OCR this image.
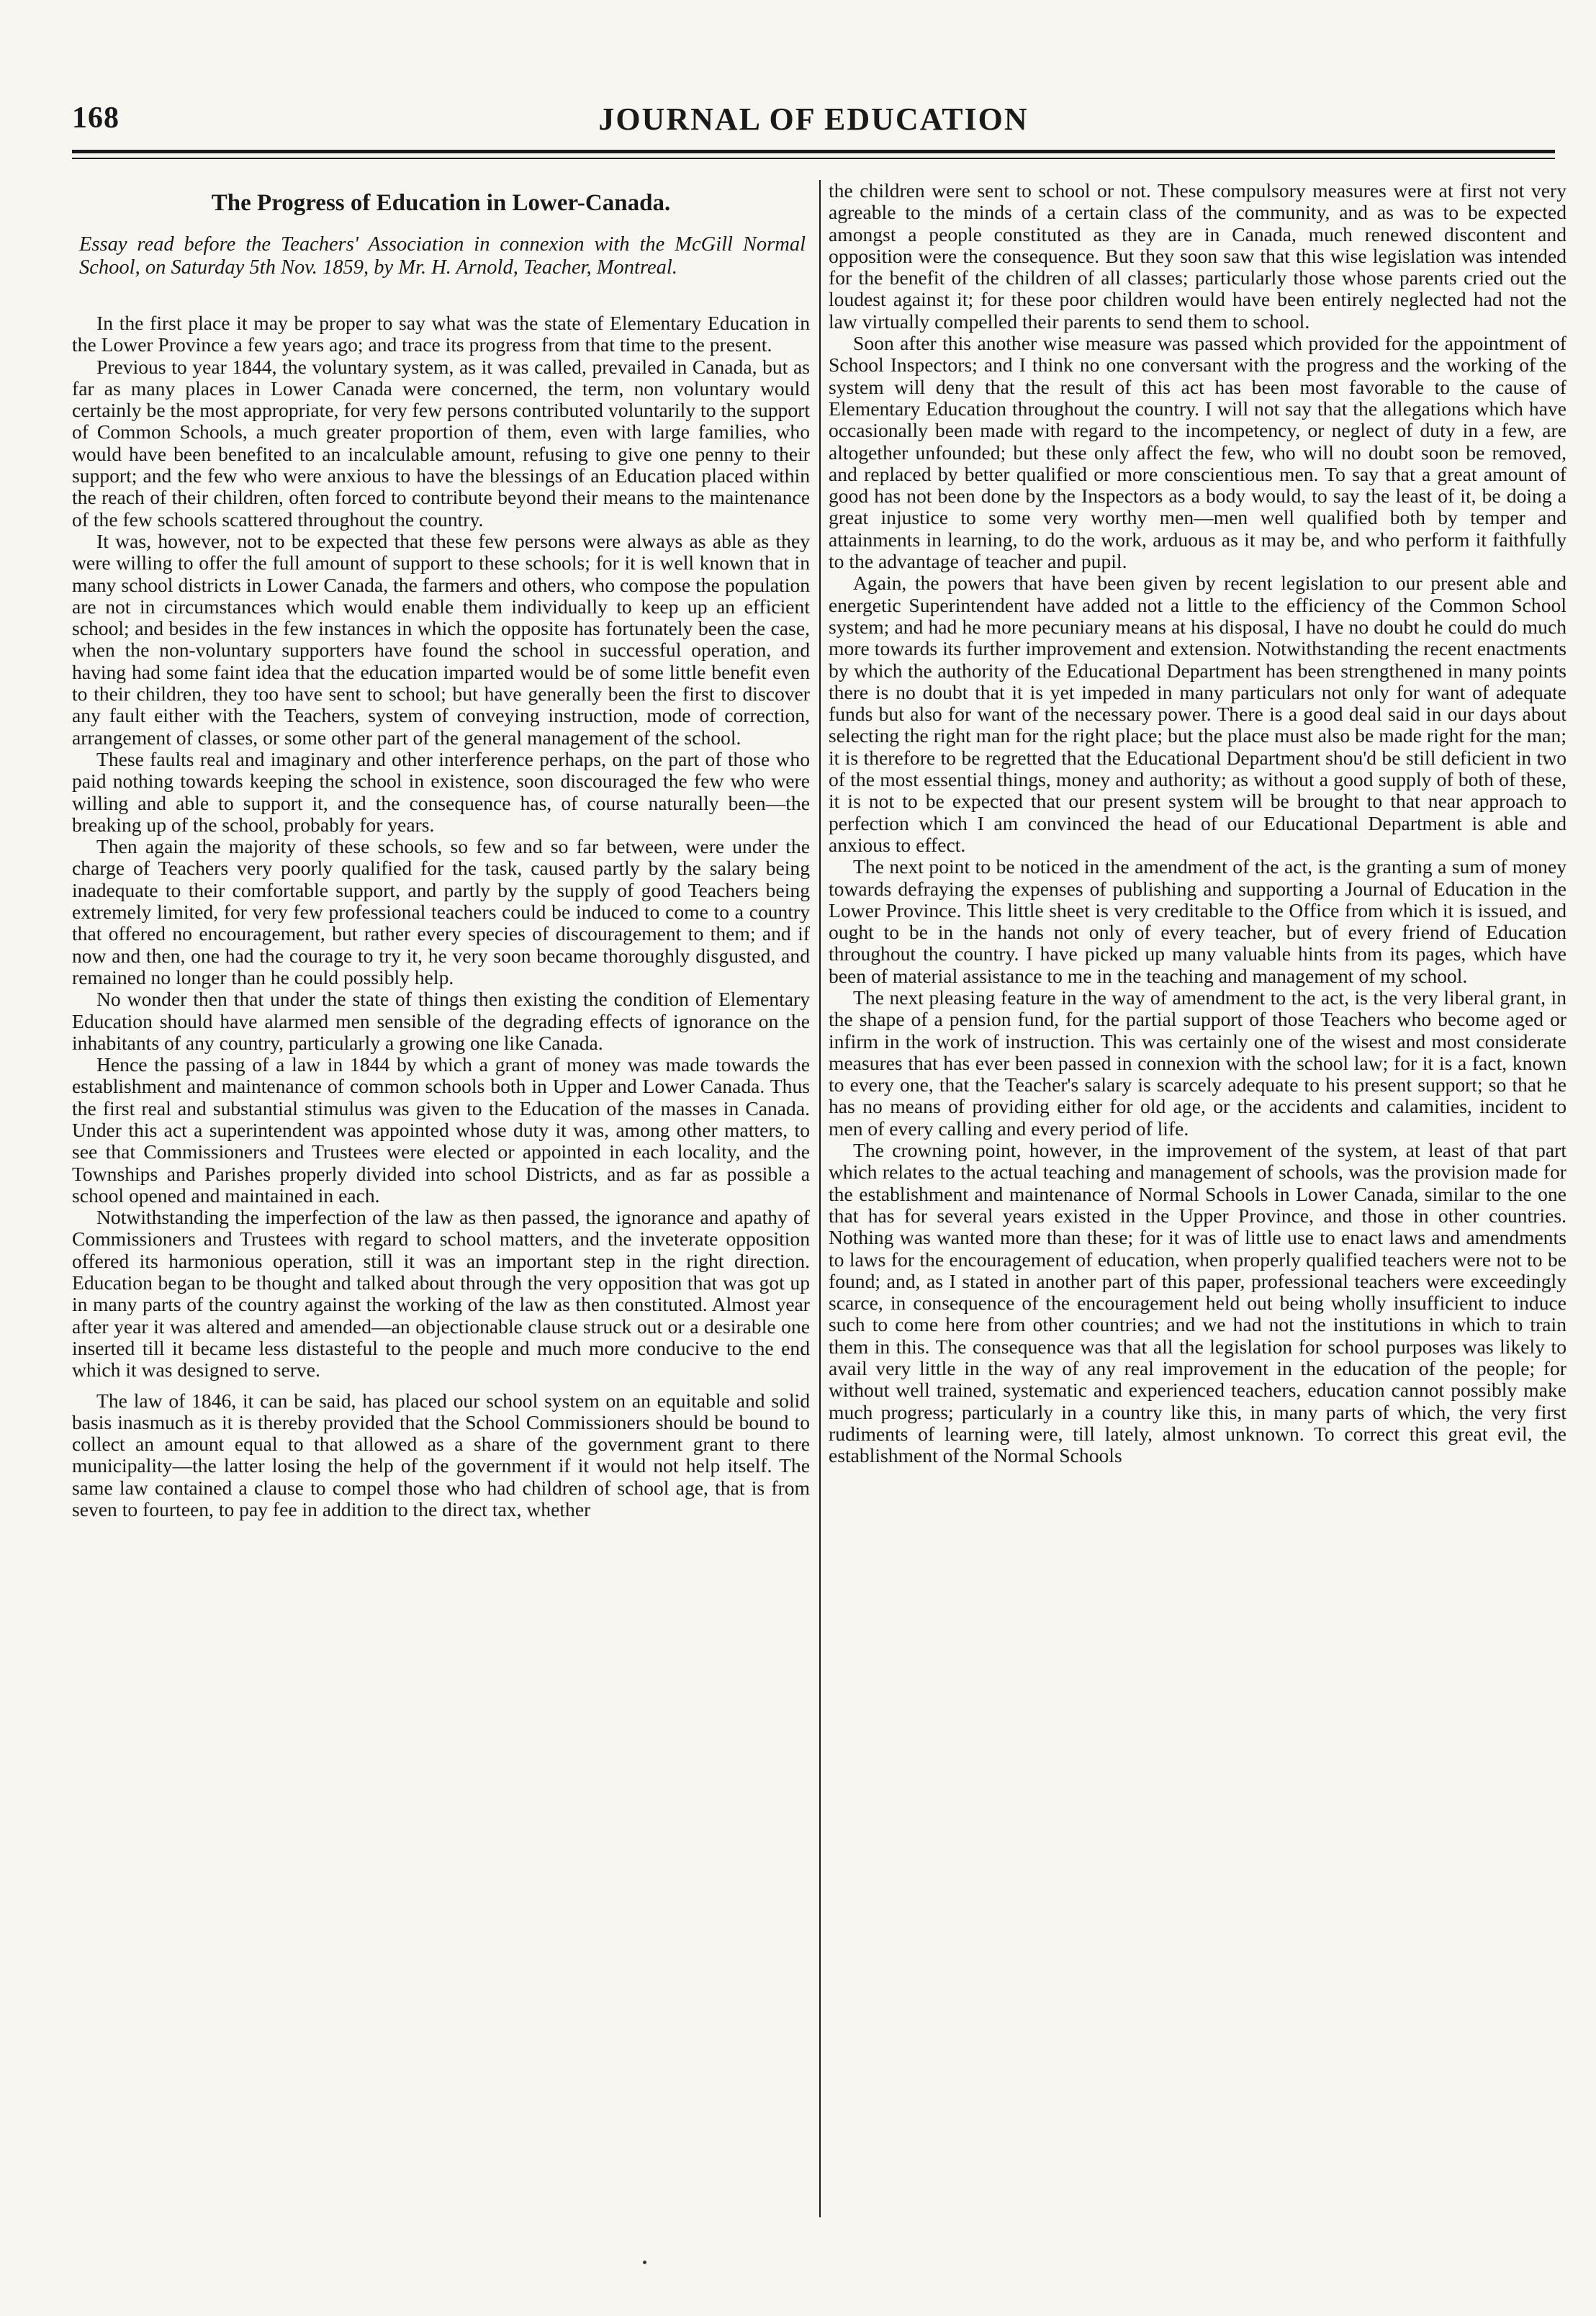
168	JOURNAL OF EDUCATION
The Progress of Education in Lower-Canada.
Essay read before the Teachers' Association in connexion with the McGill Normal School, on Saturday 5th Nov. 1859, by Mr. H. Arnold, Teacher, Montreal.

In the first place it may be proper to say what was the state of Elementary Education in the Lower Province a few years ago; and trace its progress from that time to the present.

Previous to year 1844, the voluntary system, as it was called, prevailed in Canada, but as far as many places in Lower Canada were concerned, the term, non voluntary would certainly be the most appropriate, for very few persons contributed voluntarily to the support of Common Schools, a much greater proportion of them, even with large families, who would have been benefited to an incalculable amount, refusing to give one penny to their support; and the few who were anxious to have the blessings of an Education placed within the reach of their children, often forced to contribute beyond their means to the maintenance of the few schools scattered throughout the country.

It was, however, not to be expected that these few persons were always as able as they were willing to offer the full amount of support to these schools; for it is well known that in many school districts in Lower Canada, the farmers and others, who compose the population are not in circumstances which would enable them individually to keep up an efficient school; and besides in the few instances in which the opposite has fortunately been the case, when the non-voluntary supporters have found the school in successful operation, and having had some faint idea that the education imparted would be of some little benefit even to their children, they too have sent to school; but have generally been the first to discover any fault either with the Teachers, system of conveying instruction, mode of correction, arrangement of classes, or some other part of the general management of the school.

These faults real and imaginary and other interference perhaps, on the part of those who paid nothing towards keeping the school in existence, soon discouraged the few who were willing and able to support it, and the consequence has, of course naturally been—the breaking up of the school, probably for years.

Then again the majority of these schools, so few and so far between, were under the charge of Teachers very poorly qualified for the task, caused partly by the salary being inadequate to their comfortable support, and partly by the supply of good Teachers being extremely limited, for very few professional teachers could be induced to come to a country that offered no encouragement, but rather every species of discouragement to them; and if now and then, one had the courage to try it, he very soon became thoroughly disgusted, and remained no longer than he could possibly help.

No wonder then that under the state of things then existing the condition of Elementary Education should have alarmed men sensible of the degrading effects of ignorance on the inhabitants of any country, particularly a growing one like Canada.

Hence the passing of a law in 1844 by which a grant of money was made towards the establishment and maintenance of common schools both in Upper and Lower Canada. Thus the first real and substantial stimulus was given to the Education of the masses in Canada. Under this act a superintendent was appointed whose duty it was, among other matters, to see that Commissioners and Trustees were elected or appointed in each locality, and the Townships and Parishes properly divided into school Districts, and as far as possible a school opened and maintained in each.

Notwithstanding the imperfection of the law as then passed, the ignorance and apathy of Commissioners and Trustees with regard to school matters, and the inveterate opposition offered its harmonious operation, still it was an important step in the right direction. Education began to be thought and talked about through the very opposition that was got up in many parts of the country against the working of the law as then constituted. Almost year after year it was altered and amended—an objectionable clause struck out or a desirable one inserted till it became less distasteful to the people and much more conducive to the end which it was designed to serve.

The law of 1846, it can be said, has placed our school system on an equitable and solid basis inasmuch as it is thereby provided that the School Commissioners should be bound to collect an amount equal to that allowed as a share of the government grant to there municipality—the latter losing the help of the government if it would not help itself. The same law contained a clause to compel those who had children of school age, that is from seven to fourteen, to pay fee in addition to the direct tax, whether

the children were sent to school or not. These compulsory measures were at first not very agreable to the minds of a certain class of the community, and as was to be expected amongst a people constituted as they are in Canada, much renewed discontent and opposition were the consequence. But they soon saw that this wise legislation was intended for the benefit of the children of all classes; particularly those whose parents cried out the loudest against it; for these poor children would have been entirely neglected had not the law virtually compelled their parents to send them to school.

Soon after this another wise measure was passed which provided for the appointment of School Inspectors; and I think no one conversant with the progress and the working of the system will deny that the result of this act has been most favorable to the cause of Elementary Education throughout the country. I will not say that the allegations which have occasionally been made with regard to the incompetency, or neglect of duty in a few, are altogether unfounded; but these only affect the few, who will no doubt soon be removed, and replaced by better qualified or more conscientious men. To say that a great amount of good has not been done by the Inspectors as a body would, to say the least of it, be doing a great injustice to some very worthy men—men well qualified both by temper and attainments in learning, to do the work, arduous as it may be, and who perform it faithfully to the advantage of teacher and pupil.

Again, the powers that have been given by recent legislation to our present able and energetic Superintendent have added not a little to the efficiency of the Common School system; and had he more pecuniary means at his disposal, I have no doubt he could do much more towards its further improvement and extension. Notwithstanding the recent enactments by which the authority of the Educational Department has been strengthened in many points there is no doubt that it is yet impeded in many particulars not only for want of adequate funds but also for want of the necessary power. There is a good deal said in our days about selecting the right man for the right place; but the place must also be made right for the man; it is therefore to be regretted that the Educational Department shou'd be still deficient in two of the most essential things, money and authority; as without a good supply of both of these, it is not to be expected that our present system will be brought to that near approach to perfection which I am convinced the head of our Educational Department is able and anxious to effect.

The next point to be noticed in the amendment of the act, is the granting a sum of money towards defraying the expenses of publishing and supporting a Journal of Education in the Lower Province. This little sheet is very creditable to the Office from which it is issued, and ought to be in the hands not only of every teacher, but of every friend of Education throughout the country. I have picked up many valuable hints from its pages, which have been of material assistance to me in the teaching and management of my school.

The next pleasing feature in the way of amendment to the act, is the very liberal grant, in the shape of a pension fund, for the partial support of those Teachers who become aged or infirm in the work of instruction. This was certainly one of the wisest and most considerate measures that has ever been passed in connexion with the school law; for it is a fact, known to every one, that the Teacher's salary is scarcely adequate to his present support; so that he has no means of providing either for old age, or the accidents and calamities, incident to men of every calling and every period of life.

The crowning point, however, in the improvement of the system, at least of that part which relates to the actual teaching and management of schools, was the provision made for the establishment and maintenance of Normal Schools in Lower Canada, similar to the one that has for several years existed in the Upper Province, and those in other countries. Nothing was wanted more than these; for it was of little use to enact laws and amendments to laws for the encouragement of education, when properly qualified teachers were not to be found; and, as I stated in another part of this paper, professional teachers were exceedingly scarce, in consequence of the encouragement held out being wholly insufficient to induce such to come here from other countries; and we had not the institutions in which to train them in this. The consequence was that all the legislation for school purposes was likely to avail very little in the way of any real improvement in the education of the people; for without well trained, systematic and experienced teachers, education cannot possibly make much progress; particularly in a country like this, in many parts of which, the very first rudiments of learning were, till lately, almost unknown. To correct this great evil, the establishment of the Normal Schools
